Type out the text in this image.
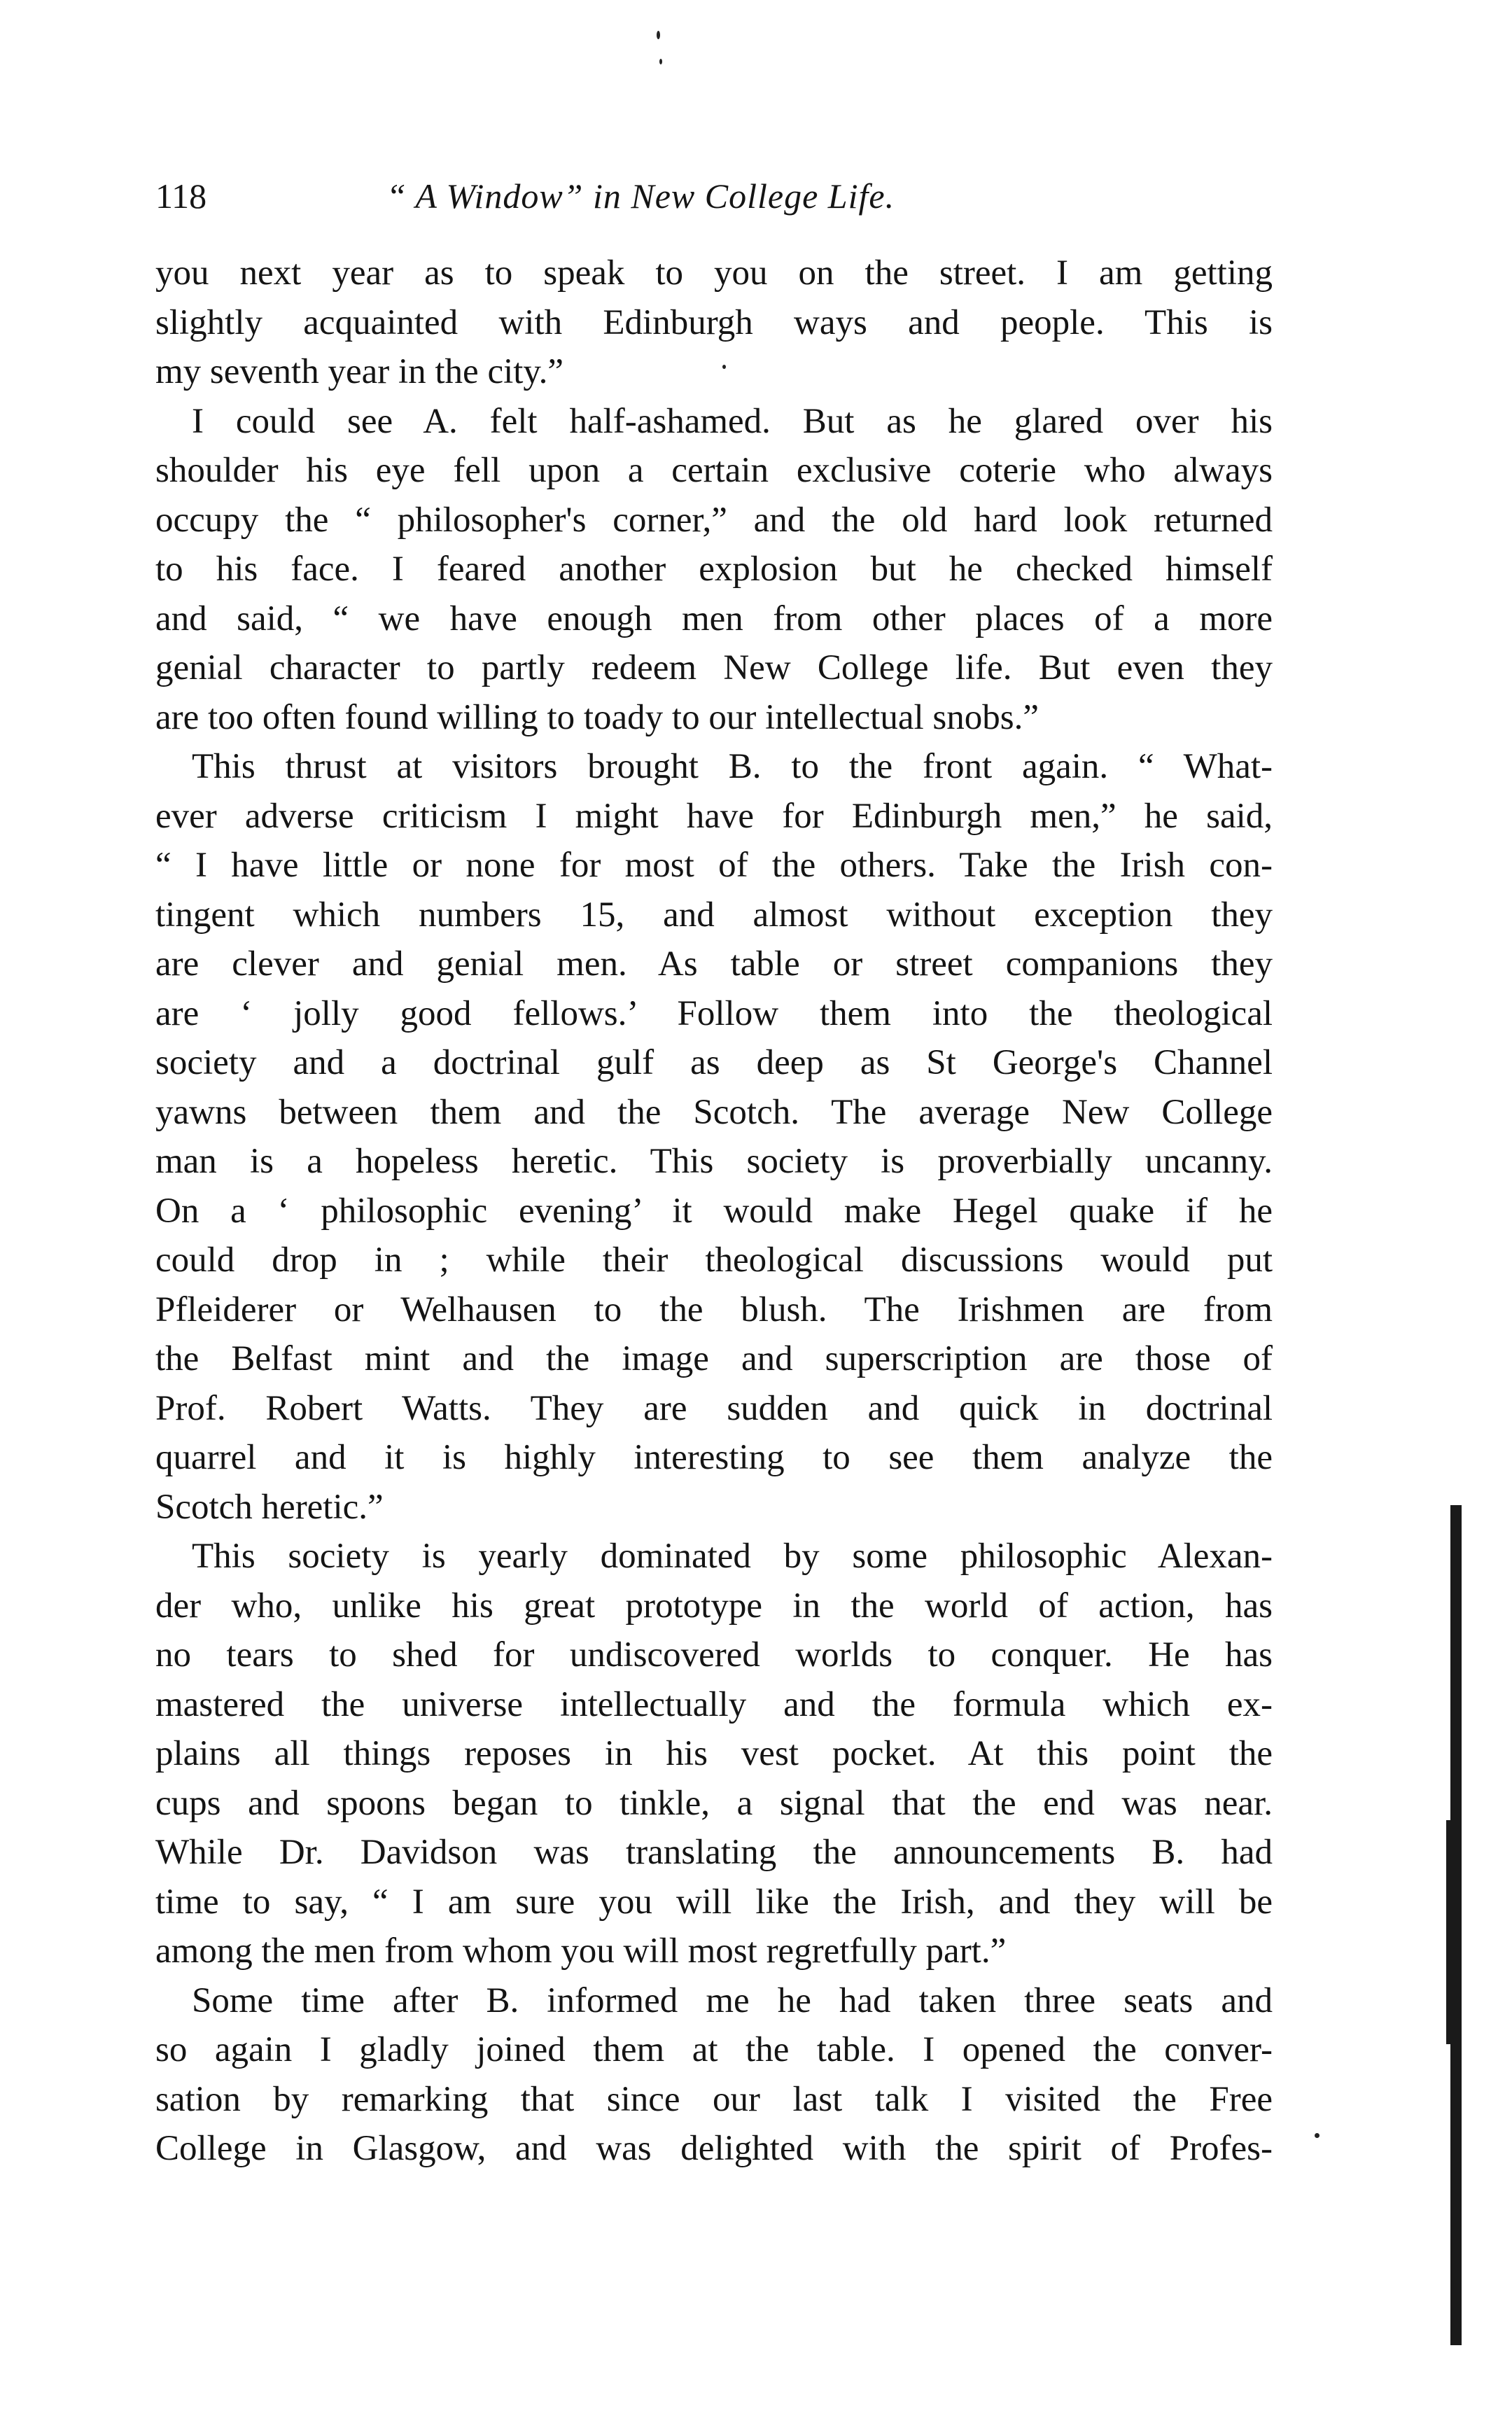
118	“ A Window” in New College Life.

you next year as to speak to you on the street. I am getting
slightly acquainted with Edinburgh ways and people. This is
my seventh year in the city.”

I could see A. felt half-ashamed. But as he glared over his
shoulder his eye fell upon a certain exclusive coterie who always
occupy the “ philosopher's corner,” and the old hard look returned
to his face. I feared another explosion but he checked himself
and said, “ we have enough men from other places of a more
genial character to partly redeem New College life. But even they
are too often found willing to toady to our intellectual snobs.”

This thrust at visitors brought B. to the front again. “ What-
ever adverse criticism I might have for Edinburgh men,” he said,
“ I have little or none for most of the others. Take the Irish con-
tingent which numbers 15, and almost without exception they
are clever and genial men. As table or street companions they
are ‘ jolly good fellows.’ Follow them into the theological
society and a doctrinal gulf as deep as St George's Channel
yawns between them and the Scotch. The average New College
man is a hopeless heretic. This society is proverbially uncanny.
On a ‘ philosophic evening’ it would make Hegel quake if he
could drop in ; while their theological discussions would put
Pfleiderer or Welhausen to the blush. The Irishmen are from
the Belfast mint and the image and superscription are those of
Prof. Robert Watts. They are sudden and quick in doctrinal
quarrel and it is highly interesting to see them analyze the
Scotch heretic.”

This society is yearly dominated by some philosophic Alexan-
der who, unlike his great prototype in the world of action, has
no tears to shed for undiscovered worlds to conquer. He has
mastered the universe intellectually and the formula which ex-
plains all things reposes in his vest pocket. At this point the
cups and spoons began to tinkle, a signal that the end was near.
While Dr. Davidson was translating the announcements B. had
time to say, “ I am sure you will like the Irish, and they will be
among the men from whom you will most regretfully part.”

Some time after B. informed me he had taken three seats and
so again I gladly joined them at the table. I opened the conver-
sation by remarking that since our last talk I visited the Free
College in Glasgow, and was delighted with the spirit of Profes-
